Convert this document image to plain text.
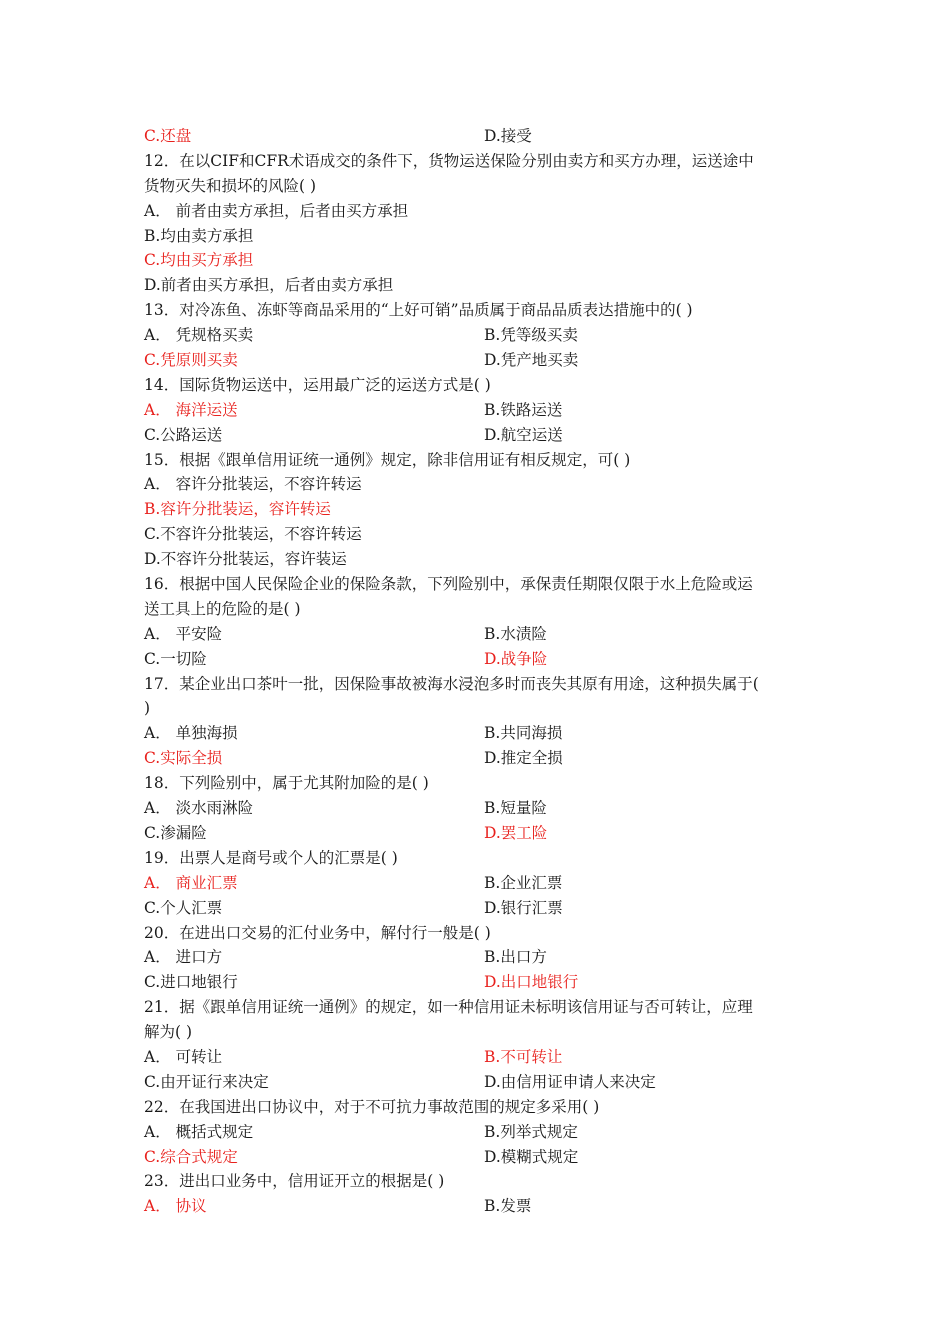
C.还盘	D.接受
12．在以CIF和CFR术语成交的条件下，货物运送保险分别由卖方和买方办理，运送途中
货物灭失和损坏的风险( )
A． 前者由卖方承担，后者由买方承担
B.均由卖方承担
C.均由买方承担
D.前者由买方承担，后者由卖方承担
13．对冷冻鱼、冻虾等商品采用的“上好可销”品质属于商品品质表达措施中的( )
A． 凭规格买卖	B.凭等级买卖
C.凭原则买卖	D.凭产地买卖
14．国际货物运送中，运用最广泛的运送方式是( )
A． 海洋运送	B.铁路运送
C.公路运送	D.航空运送
15．根据《跟单信用证统一通例》规定，除非信用证有相反规定，可( )
A． 容许分批装运，不容许转运
B.容许分批装运，容许转运
C.不容许分批装运，不容许转运
D.不容许分批装运，容许装运
16．根据中国人民保险企业的保险条款，下列险别中，承保责任期限仅限于水上危险或运
送工具上的危险的是( )
A． 平安险	B.水渍险
C.一切险	D.战争险
17．某企业出口茶叶一批，因保险事故被海水浸泡多时而丧失其原有用途，这种损失属于(
)
A． 单独海损	B.共同海损
C.实际全损	D.推定全损
18．下列险别中，属于尤其附加险的是( )
A． 淡水雨淋险	B.短量险
C.渗漏险	D.罢工险
19．出票人是商号或个人的汇票是( )
A． 商业汇票	B.企业汇票
C.个人汇票	D.银行汇票
20．在进出口交易的汇付业务中，解付行一般是( )
A． 进口方	B.出口方
C.进口地银行	D.出口地银行
21．据《跟单信用证统一通例》的规定，如一种信用证未标明该信用证与否可转让，应理
解为( )
A． 可转让	B.不可转让
C.由开证行来决定	D.由信用证申请人来决定
22．在我国进出口协议中，对于不可抗力事故范围的规定多采用( )
A． 概括式规定	B.列举式规定
C.综合式规定	D.模糊式规定
23．进出口业务中，信用证开立的根据是( )
A． 协议	B.发票
